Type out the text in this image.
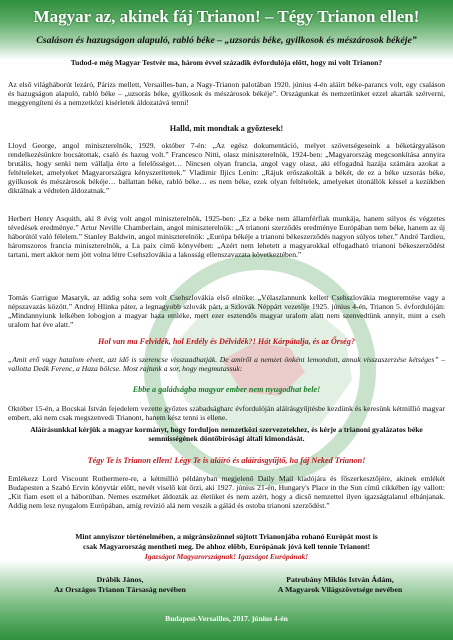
Magyar az, akinek fáj Trianon! – Tégy Trianon ellen!
Csaláson és hazugságon alapuló, rabló béke – „uzsorás béke, gyilkosok és mészárosok békéje”
Tudod-e még Magyar Testvér ma, három évvel századik évfordulója előtt, hogy mi volt Trianon?
Az első világháborút lezáró, Párizs mellett, Versailles-ban, a Nagy-Trianon palotában 1920. június 4-én aláírt béke-parancs volt, egy csaláson és hazugságon alapuló, rabló béke – „uzsorás béke, gyilkosok és mészárosok békéje”. Országunkat és nemzetünket ezzel akarták szétverni, meggyengíteni és a nemzetközi kisérletek áldozatává tenni!
Halld, mit mondtak a győztesek!
Lloyd George, angol miniszterelnök, 1929. október 7-én: „Az egész dokumentáció, melyet szövetségeseink a béketárgyaláson rendelkezésünkre bocsátottak, csaló és hazug volt.” Francesco Nitti, olasz miniszterelnök, 1924-ben: „Magyarország megcsonkítása annyira brutális, hogy senki nem vállalja érte a felelősséget… Nincsen olyan francia, angol vagy olasz, aki elfogadná hazája számára azokat a feltételeket, amelyeket Magyarországra kényszerítettek.” Vladimir Iljics Lenin: „Rájuk erőszakolták a békét, de ez a béke uzsorás béke, gyilkosok és mészárosok békéje… ballattan béke, rabló béke… es nem béke, ezek olyan feltételek, amelyeket útonállók késsel a kezükben diktálnak a védtelen áldozatnak.”
Herbert Henry Asquith, aki 8 évig volt angol miniszterelnök, 1925-ben: „Ez a béke nem államférfiak munkája, hanem súlyos és végzetes tévedések eredménye.” Artur Neville Chamberlain, angol miniszterelnök: „A trianoni szerződés eredménye Európában nem béke, hanem az új háborútól való félelem.” Stanley Baldwin, angol miniszterelnök: „Európa békéje a trianoni békeszerződés nagyon súlyos teher.” André Tardieu, háromszoros francia miniszterelnök, a La paix című könyvében: „Azért nem lehetett a magyarokkal elfogadható trianoni békeszerződést tartani, mert akkor nem jött volna létre Csehszlovákia a lakosság ellenszavazata következtében.”
Tomás Garrigue Masaryk, az addig soha sem volt Csehszlovákia első elnöke: „Vélaszlannunk kellett Csehszlovákia megteremtése vagy a népszavazás között.” Andrej Hlinka páter, a legnagyobb szlovák párt, a Szlovák Néppárt vezetője 1925. június 4-én, Trianon 5. évfordulóján: „Mindannyiunk lelkében lobogjon a magyar haza emléke, mert ezer esztendős magyar uralom alatt nem szenvedtünk annyit, mint a cseh uralom hat éve alatt.”
Hol van ma Felvidék, hol Erdély és Délvidék?! Hát Kárpátalja, és az Őrség?
„Amit erő vagy hatalom elvett, azt idő is szerencse visszaadhatják. De amiről a nemzet önként lemondott, annak visszaszerzése kétséges” – vallotta Deák Ferenc, a Haza bölcse. Most rajtunk a sor, hogy megmutassuk:
Ebbe a galádságba magyar ember nem nyugodhat bele!
Október 15-én, a Bocskai István fejedelem vezette győztes szabadságharc évfordulóján aláírásgyűjtésbe kezdünk és keresünk kétmillió magyar embert, aki nem csak megszenvedi Trianont, hanem kész tenni is ellene.
Aláírásunkkal kérjük a magyar kormányt, hogy forduljon nemzetközi szervezetekhez, és kérje a trianoni gyalázatos béke semmisségének döntőbírósági általi kimondását.
Tégy Te is Trianon ellen! Légy Te is aláíró és aláírásgyűjtő, ha fáj Neked Trianon!
Emlékezz Lord Viscount Rothermere-re, a kétmillió példányban megjelenő Daily Mail kiadójára és főszerkesztőjére, akinek emlékét Budapesten a Szabó Ervin könyvtár előtt, nevét viselő kút őrzi, aki 1927. június 21-én, Hungary's Place in the Sun című cikkében így vallott: „Kit fiam esett el a háborúban. Nemes eszméket áldozták az életüket és nem azért, hogy a dicső nemzettel ilyen igazságtalanul elbánjanak. Addig nem lesz nyugalom Európában, amíg revízió alá nem veszik a gálád és ostoba trianoni szerződést.”
Mint annyiszor történelmében, a migránsözönnel sújtott Trianonjába rohanó Európát most is
csak Magyarország mentheti meg. De ahhoz előbb, Európának jóvá kell tennie Trianont!
Igazságot Magyarországnak! Igazságot Európának!
Drábik János,
Az Országos Trianon Társaság nevében
Patrubány Miklós István Ádám,
A Magyarok Világszövetsége nevében
Budapest-Versailles, 2017. június 4-én
